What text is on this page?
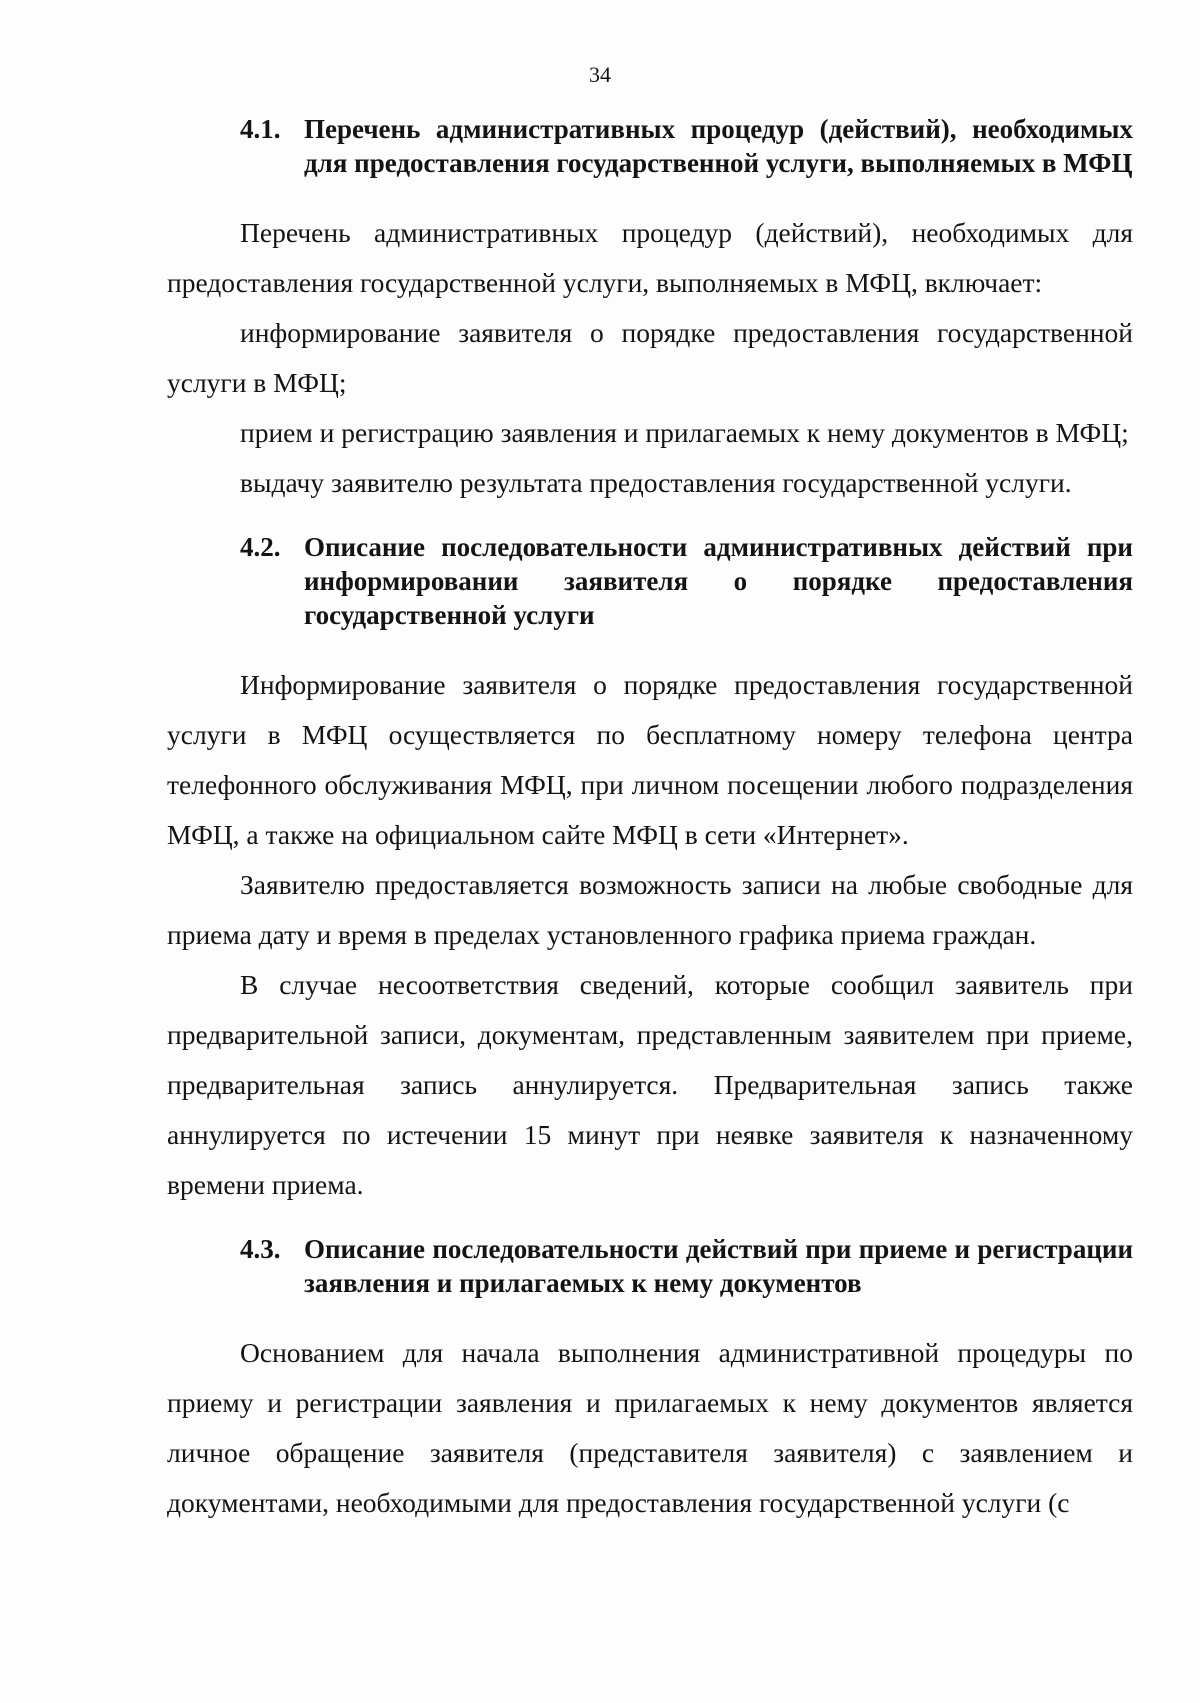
34
4.1. Перечень административных процедур (действий), необходимых для предоставления государственной услуги, выполняемых в МФЦ

Перечень административных процедур (действий), необходимых для предоставления государственной услуги, выполняемых в МФЦ, включает:

информирование заявителя о порядке предоставления государственной услуги в МФЦ;

прием и регистрацию заявления и прилагаемых к нему документов в МФЦ;

выдачу заявителю результата предоставления государственной услуги.

4.2. Описание последовательности административных действий при информировании заявителя о порядке предоставления государственной услуги

Информирование заявителя о порядке предоставления государственной услуги в МФЦ осуществляется по бесплатному номеру телефона центра телефонного обслуживания МФЦ, при личном посещении любого подразделения МФЦ, а также на официальном сайте МФЦ в сети «Интернет».

Заявителю предоставляется возможность записи на любые свободные для приема дату и время в пределах установленного графика приема граждан.

В случае несоответствия сведений, которые сообщил заявитель при предварительной записи, документам, представленным заявителем при приеме, предварительная запись аннулируется. Предварительная запись также аннулируется по истечении 15 минут при неявке заявителя к назначенному времени приема.

4.3. Описание последовательности действий при приеме и регистрации заявления и прилагаемых к нему документов

Основанием для начала выполнения административной процедуры по приему и регистрации заявления и прилагаемых к нему документов является личное обращение заявителя (представителя заявителя) с заявлением и документами, необходимыми для предоставления государственной услуги (с
